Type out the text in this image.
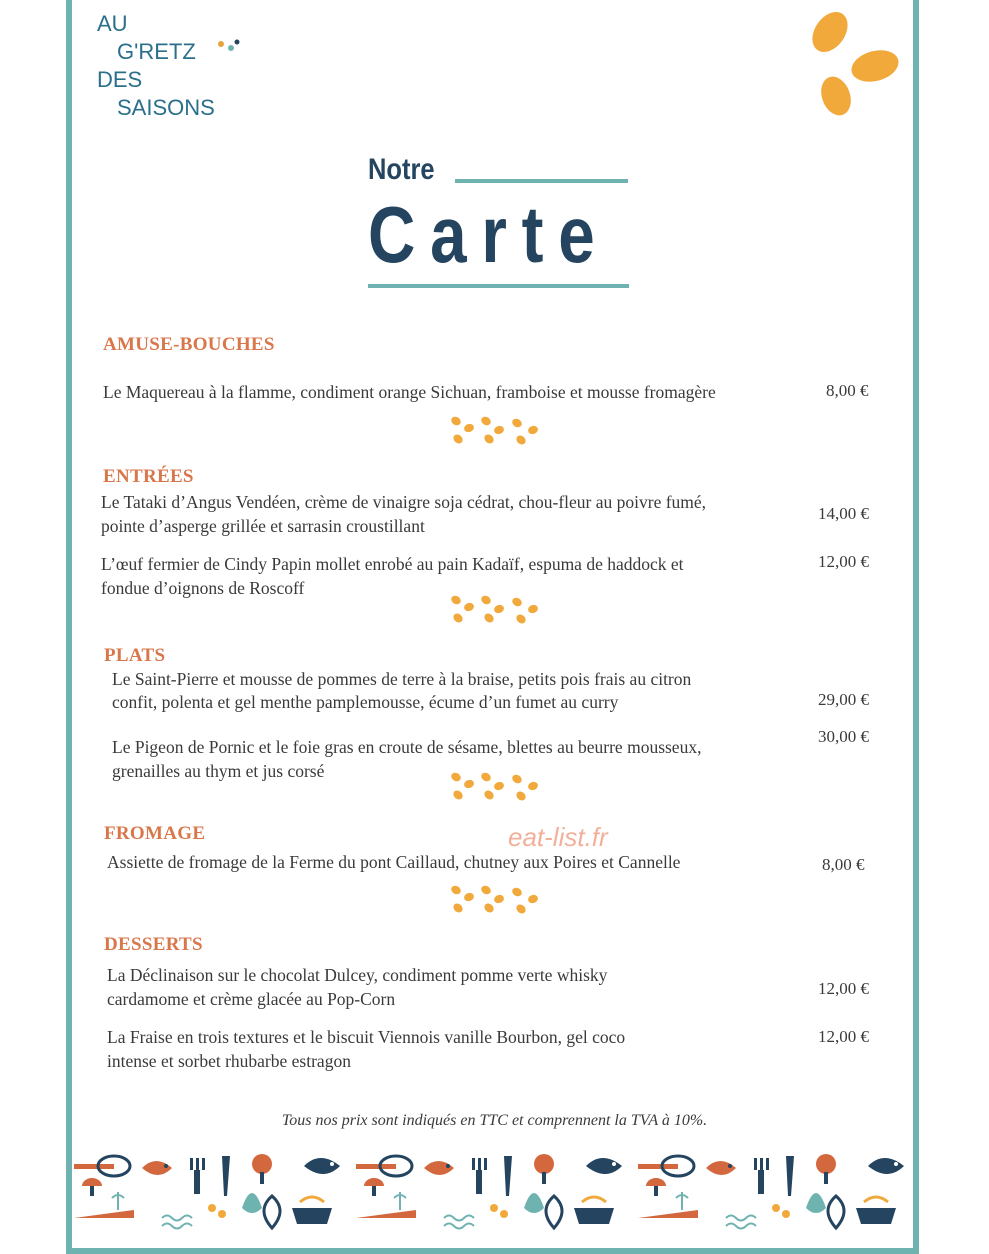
AU
G'RETZ
DES
SAISONS
Notre
Carte
AMUSE-BOUCHES
Le Maquereau à la flamme, condiment orange Sichuan, framboise et mousse fromagère	8,00 €
ENTRÉES
Le Tataki d’Angus Vendéen, crème de vinaigre soja cédrat, chou-fleur au poivre fumé,
pointe d’asperge grillée et sarrasin croustillant
14,00 €
L’œuf fermier de Cindy Papin mollet enrobé au pain Kadaïf, espuma de haddock et
fondue d’oignons de Roscoff
12,00 €
PLATS
Le Saint-Pierre et mousse de pommes de terre à la braise, petits pois frais au citron
confit, polenta et gel menthe pamplemousse, écume d’un fumet au curry	29,00 €
Le Pigeon de Pornic et le foie gras en croute de sésame, blettes au beurre mousseux,
grenailles au thym et jus corsé
30,00 €
FROMAGE
Assiette de fromage de la Ferme du pont Caillaud, chutney aux Poires et Cannelle	8,00 €
eat-list.fr
DESSERTS
La Déclinaison sur le chocolat Dulcey, condiment pomme verte whisky
cardamome et crème glacée au Pop-Corn
12,00 €
La Fraise en trois textures et le biscuit Viennois vanille Bourbon, gel coco
intense et sorbet rhubarbe estragon
12,00 €
Tous nos prix sont indiqués en TTC et comprennent la TVA à 10%.
